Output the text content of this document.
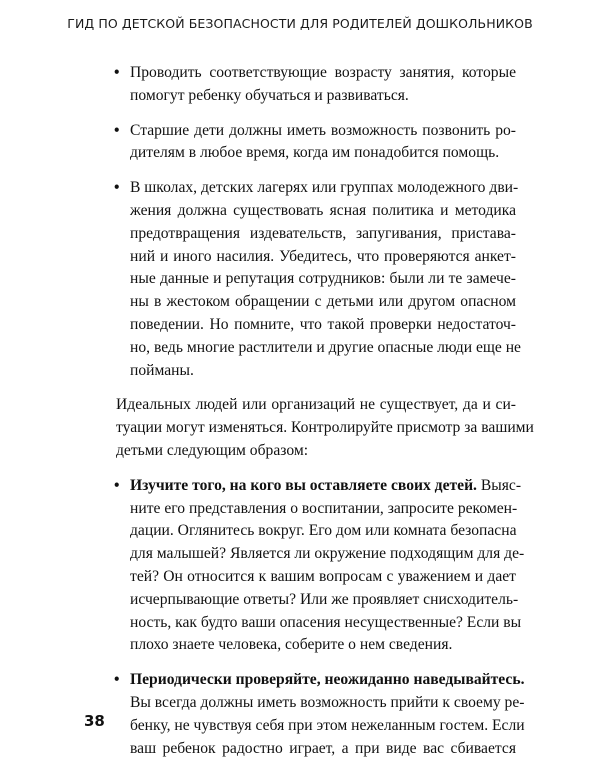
ГИД ПО ДЕТСКОЙ БЕЗОПАСНОСТИ ДЛЯ РОДИТЕЛЕЙ ДОШКОЛЬНИКОВ
• Проводить соответствующие возрасту занятия, которые
помогут ребенку обучаться и развиваться.
• Старшие дети должны иметь возможность позвонить ро-
дителям в любое время, когда им понадобится помощь.
• В школах, детских лагерях или группах молодежного дви-
жения должна существовать ясная политика и методика
предотвращения издевательств, запугивания, пристава-
ний и иного насилия. Убедитесь, что проверяются анкет-
ные данные и репутация сотрудников: были ли те замече-
ны в жестоком обращении с детьми или другом опасном
поведении. Но помните, что такой проверки недостаточ-
но, ведь многие растлители и другие опасные люди еще не
пойманы.
Идеальных людей или организаций не существует, да и си-
туации могут изменяться. Контролируйте присмотр за вашими
детьми следующим образом:
• Изучите того, на кого вы оставляете своих детей. Выяс-
ните его представления о воспитании, запросите рекомен-
дации. Оглянитесь вокруг. Его дом или комната безопасна
для малышей? Является ли окружение подходящим для де-
тей? Он относится к вашим вопросам с уважением и дает
исчерпывающие ответы? Или же проявляет снисходитель-
ность, как будто ваши опасения несущественные? Если вы
плохо знаете человека, соберите о нем сведения.
• Периодически проверяйте, неожиданно наведывайтесь.
Вы всегда должны иметь возможность прийти к своему ре-
бенку, не чувствуя себя при этом нежеланным гостем. Если
ваш ребенок радостно играет, а при виде вас сбивается
38
